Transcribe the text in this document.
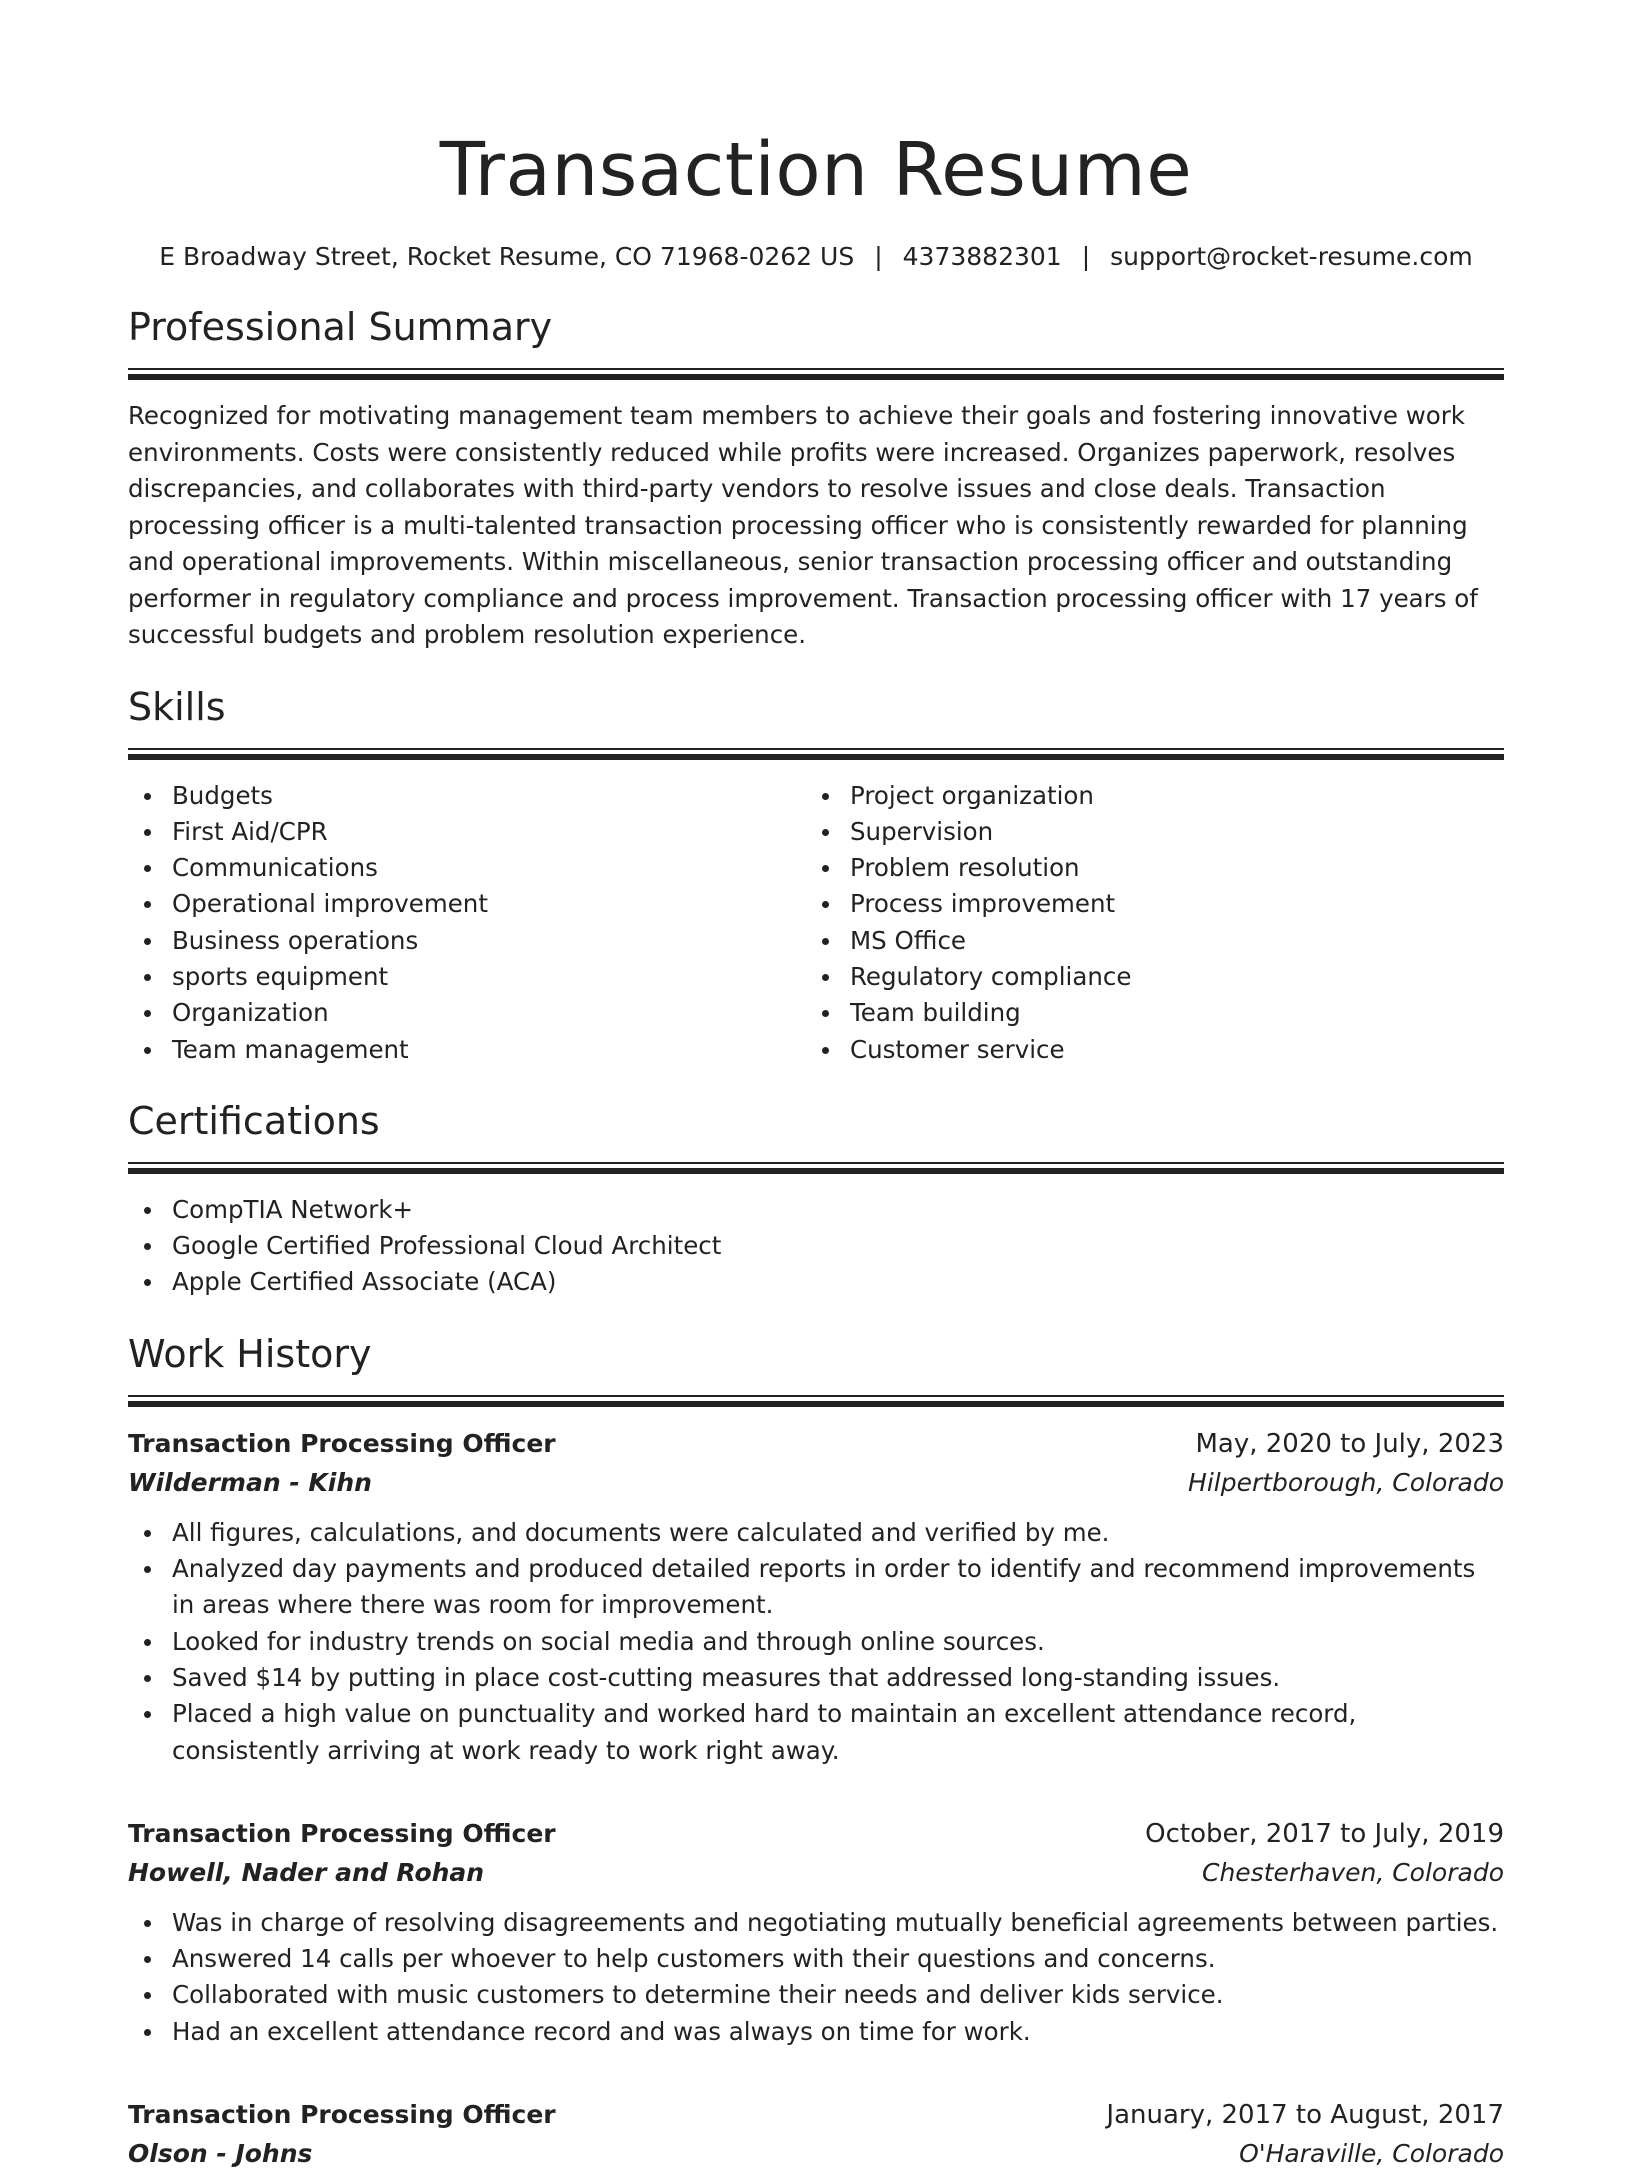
Transaction Resume
E Broadway Street, Rocket Resume, CO 71968-0262 US | 4373882301 | support@rocket-resume.com
Professional Summary

Recognized for motivating management team members to achieve their goals and fostering innovative work environments. Costs were consistently reduced while profits were increased. Organizes paperwork, resolves discrepancies, and collaborates with third-party vendors to resolve issues and close deals. Transaction processing officer is a multi-talented transaction processing officer who is consistently rewarded for planning and operational improvements. Within miscellaneous, senior transaction processing officer and outstanding performer in regulatory compliance and process improvement. Transaction processing officer with 17 years of successful budgets and problem resolution experience.

Skills
Budgets
First Aid/CPR
Communications
Operational improvement
Business operations
sports equipment
Organization
Team management
Project organization
Supervision
Problem resolution
Process improvement
MS Office
Regulatory compliance
Team building
Customer service
Certifications
CompTIA Network+
Google Certified Professional Cloud Architect
Apple Certified Associate (ACA)
Work History
Transaction Processing Officer	May, 2020 to July, 2023
Wilderman - Kihn	Hilpertborough, Colorado
All figures, calculations, and documents were calculated and verified by me.
Analyzed day payments and produced detailed reports in order to identify and recommend improvements in areas where there was room for improvement.
Looked for industry trends on social media and through online sources.
Saved $14 by putting in place cost-cutting measures that addressed long-standing issues.
Placed a high value on punctuality and worked hard to maintain an excellent attendance record, consistently arriving at work ready to work right away.
Transaction Processing Officer	October, 2017 to July, 2019
Howell, Nader and Rohan	Chesterhaven, Colorado
Was in charge of resolving disagreements and negotiating mutually beneficial agreements between parties.
Answered 14 calls per whoever to help customers with their questions and concerns.
Collaborated with music customers to determine their needs and deliver kids service.
Had an excellent attendance record and was always on time for work.
Transaction Processing Officer	January, 2017 to August, 2017
Olson - Johns	O'Haraville, Colorado
